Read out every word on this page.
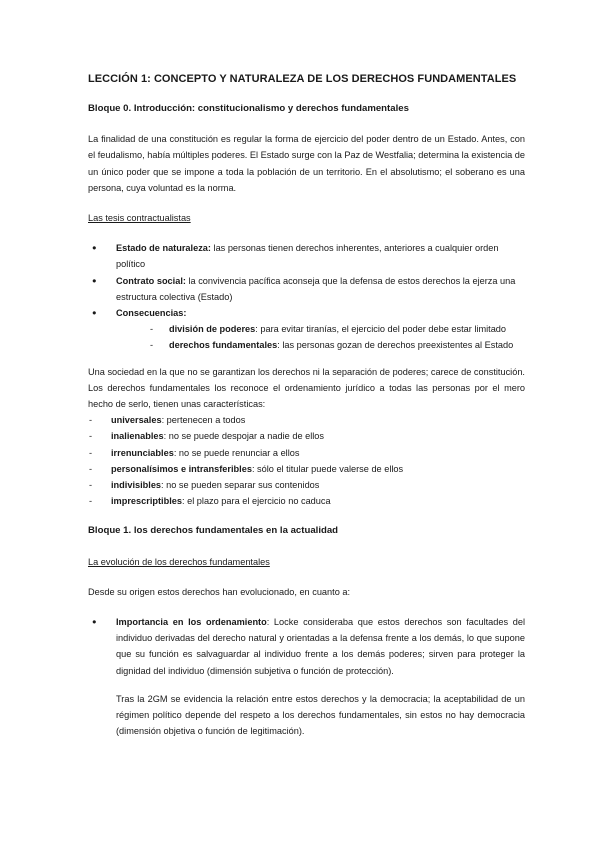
LECCIÓN 1: CONCEPTO Y NATURALEZA DE LOS DERECHOS FUNDAMENTALES
Bloque 0. Introducción: constitucionalismo y derechos fundamentales

La finalidad de una constitución es regular la forma de ejercicio del poder dentro de un Estado. Antes, con el feudalismo, había múltiples poderes. El Estado surge con la Paz de Westfalia; determina la existencia de un único poder que se impone a toda la población de un territorio. En el absolutismo; el soberano es una persona, cuya voluntad es la norma.

Las tesis contractualistas
● Estado de naturaleza: las personas tienen derechos inherentes, anteriores a cualquier orden político
● Contrato social: la convivencia pacífica aconseja que la defensa de estos derechos la ejerza una estructura colectiva (Estado)
● Consecuencias:
- división de poderes: para evitar tiranías, el ejercicio del poder debe estar limitado
- derechos fundamentales: las personas gozan de derechos preexistentes al Estado

Una sociedad en la que no se garantizan los derechos ni la separación de poderes; carece de constitución. Los derechos fundamentales los reconoce el ordenamiento jurídico a todas las personas por el mero hecho de serlo, tienen unas características:

- universales: pertenecen a todos
- inalienables: no se puede despojar a nadie de ellos
- irrenunciables: no se puede renunciar a ellos
- personalísimos e intransferibles: sólo el titular puede valerse de ellos
- indivisibles: no se pueden separar sus contenidos
- imprescriptibles: el plazo para el ejercicio no caduca
Bloque 1. los derechos fundamentales en la actualidad
La evolución de los derechos fundamentales

Desde su origen estos derechos han evolucionado, en cuanto a:

● Importancia en los ordenamiento: Locke consideraba que estos derechos son facultades del individuo derivadas del derecho natural y orientadas a la defensa frente a los demás, lo que supone que su función es salvaguardar al individuo frente a los demás poderes; sirven para proteger la dignidad del individuo (dimensión subjetiva o función de protección).

Tras la 2GM se evidencia la relación entre estos derechos y la democracia; la aceptabilidad de un régimen político depende del respeto a los derechos fundamentales, sin estos no hay democracia (dimensión objetiva o función de legitimación).
